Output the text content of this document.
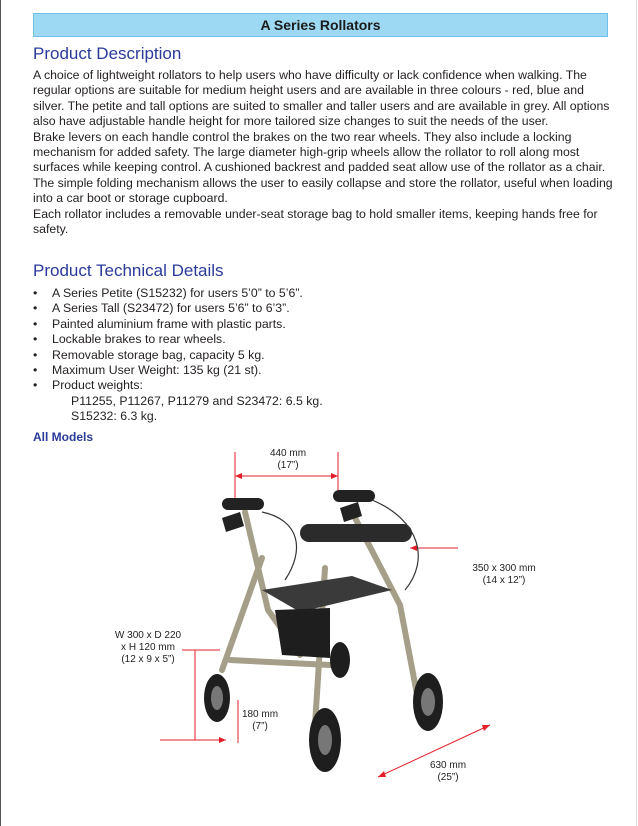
A Series Rollators
Product Description

A choice of lightweight rollators to help users who have difficulty or lack confidence when walking. The regular options are suitable for medium height users and are available in three colours - red, blue and silver. The petite and tall options are suited to smaller and taller users and are available in grey. All options also have adjustable handle height for more tailored size changes to suit the needs of the user.

Brake levers on each handle control the brakes on the two rear wheels. They also include a locking mechanism for added safety. The large diameter high-grip wheels allow the rollator to roll along most surfaces while keeping control. A cushioned backrest and padded seat allow use of the rollator as a chair. The simple folding mechanism allows the user to easily collapse and store the rollator, useful when loading into a car boot or storage cupboard.

Each rollator includes a removable under-seat storage bag to hold smaller items, keeping hands free for safety.

Product Technical Details
• A Series Petite (S15232) for users 5’0” to 5’6”.
• A Series Tall (S23472) for users 5’6” to 6’3”.
• Painted aluminium frame with plastic parts.
• Lockable brakes to rear wheels.
• Removable storage bag, capacity 5 kg.
• Maximum User Weight: 135 kg (21 st).
• Product weights:
P11255, P11267, P11279 and S23472: 6.5 kg.
S15232: 6.3 kg.
All Models
440 mm
(17”)
350 x 300 mm
(14 x 12”)
W 300 x D 220
x H 120 mm
(12 x 9 x 5”)
180 mm
(7”)
630 mm
(25”)
